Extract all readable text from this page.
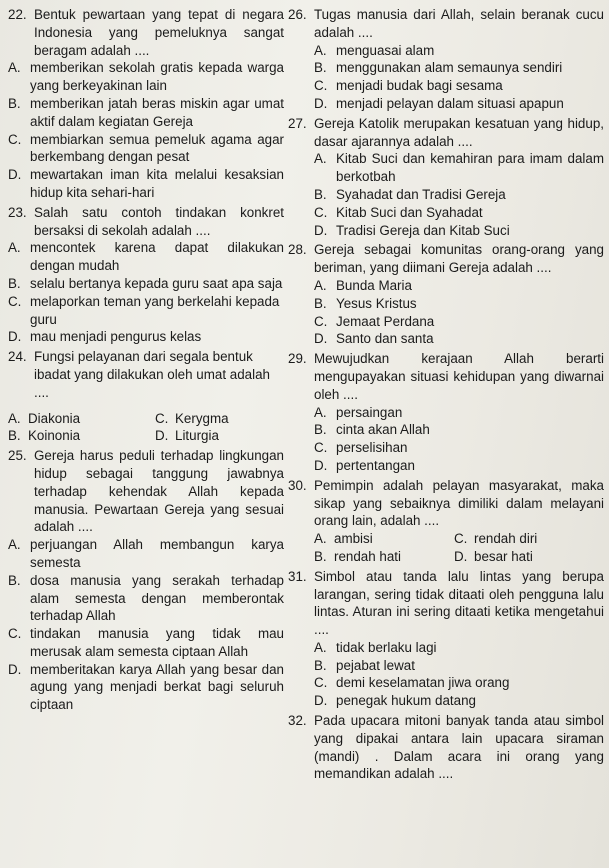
22. Bentuk pewartaan yang tepat di negara Indonesia yang pemeluknya sangat beragam adalah ....
A. memberikan sekolah gratis kepada warga yang berkeyakinan lain
B. memberikan jatah beras miskin agar umat aktif dalam kegiatan Gereja
C. membiarkan semua pemeluk agama agar berkembang dengan pesat
D. mewartakan iman kita melalui kesaksian hidup kita sehari-hari
23. Salah satu contoh tindakan konkret bersaksi di sekolah adalah ....
A. mencontek karena dapat dilakukan dengan mudah
B. selalu bertanya kepada guru saat apa saja
C. melaporkan teman yang berkelahi kepada guru
D. mau menjadi pengurus kelas
24. Fungsi pelayanan dari segala bentuk ibadat yang dilakukan oleh umat adalah ....
A. Diakonia	C. Kerygma
B. Koinonia	D. Liturgia
25. Gereja harus peduli terhadap lingkungan hidup sebagai tanggung jawabnya terhadap kehendak Allah kepada manusia. Pewartaan Gereja yang sesuai adalah ....
A. perjuangan Allah membangun karya semesta
B. dosa manusia yang serakah terhadap alam semesta dengan memberontak terhadap Allah
C. tindakan manusia yang tidak mau merusak alam semesta ciptaan Allah
D. memberitakan karya Allah yang besar dan agung yang menjadi berkat bagi seluruh ciptaan
26. Tugas manusia dari Allah, selain beranak cucu adalah ....
A. menguasai alam
B. menggunakan alam semaunya sendiri
C. menjadi budak bagi sesama
D. menjadi pelayan dalam situasi apapun
27. Gereja Katolik merupakan kesatuan yang hidup, dasar ajarannya adalah ....
A. Kitab Suci dan kemahiran para imam dalam berkotbah
B. Syahadat dan Tradisi Gereja
C. Kitab Suci dan Syahadat
D. Tradisi Gereja dan Kitab Suci
28. Gereja sebagai komunitas orang-orang yang beriman, yang diimani Gereja adalah ....
A. Bunda Maria
B. Yesus Kristus
C. Jemaat Perdana
D. Santo dan santa
29. Mewujudkan kerajaan Allah berarti mengupayakan situasi kehidupan yang diwarnai oleh ....
A. persaingan
B. cinta akan Allah
C. perselisihan
D. pertentangan
30. Pemimpin adalah pelayan masyarakat, maka sikap yang sebaiknya dimiliki dalam melayani orang lain, adalah ....
A. ambisi	C. rendah diri
B. rendah hati	D. besar hati
31. Simbol atau tanda lalu lintas yang berupa larangan, sering tidak ditaati oleh pengguna lalu lintas. Aturan ini sering ditaati ketika mengetahui ....
A. tidak berlaku lagi
B. pejabat lewat
C. demi keselamatan jiwa orang
D. penegak hukum datang
32. Pada upacara mitoni banyak tanda atau simbol yang dipakai antara lain upacara siraman (mandi) . Dalam acara ini orang yang memandikan adalah ....
